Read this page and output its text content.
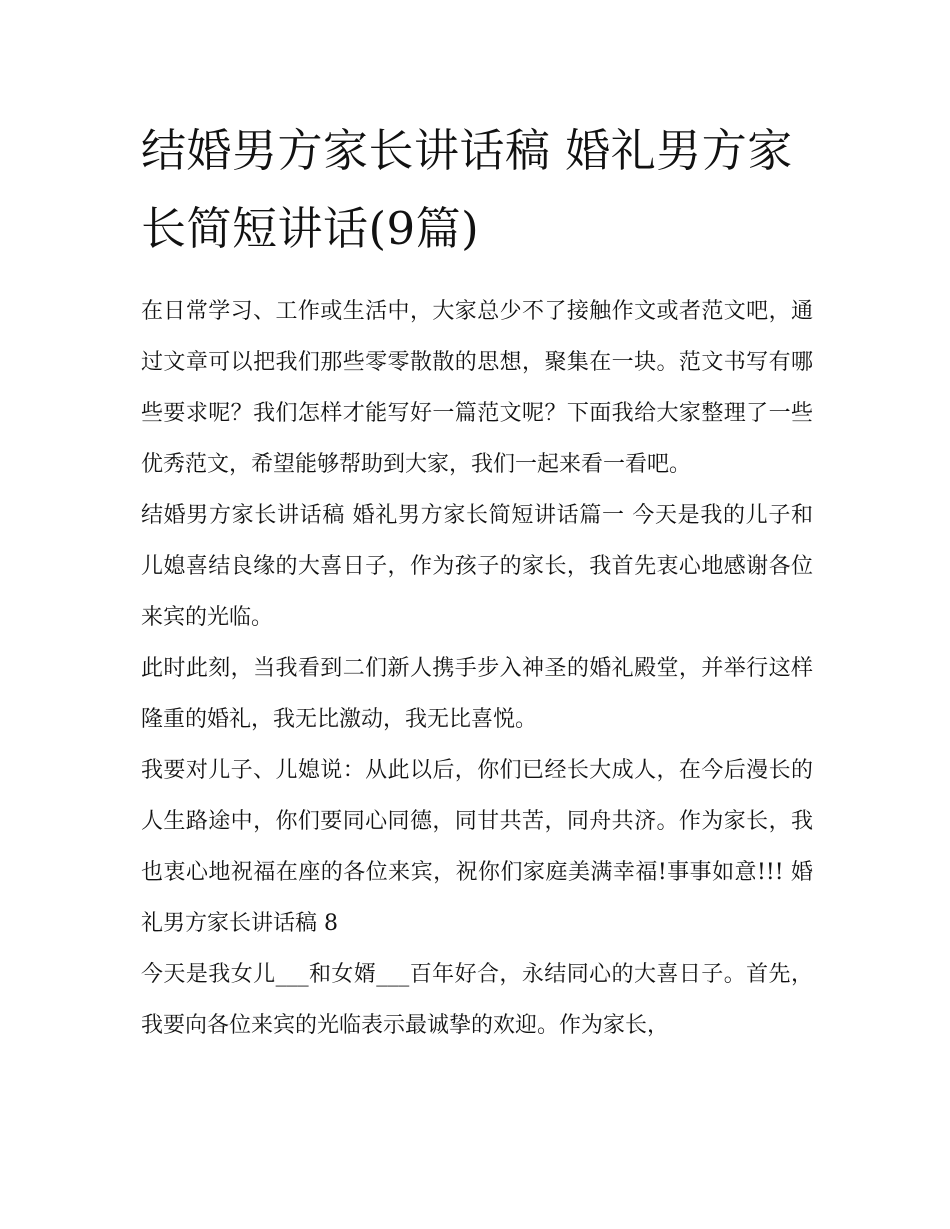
结婚男方家长讲话稿 婚礼男方家长简短讲话(9篇)

在日常学习、工作或生活中，大家总少不了接触作文或者范文吧，通过文章可以把我们那些零零散散的思想，聚集在一块。范文书写有哪些要求呢？我们怎样才能写好一篇范文呢？下面我给大家整理了一些优秀范文，希望能够帮助到大家，我们一起来看一看吧。

结婚男方家长讲话稿 婚礼男方家长简短讲话篇一 今天是我的儿子和儿媳喜结良缘的大喜日子，作为孩子的家长，我首先衷心地感谢各位来宾的光临。

此时此刻，当我看到二们新人携手步入神圣的婚礼殿堂，并举行这样隆重的婚礼，我无比激动，我无比喜悦。

我要对儿子、儿媳说：从此以后，你们已经长大成人，在今后漫长的人生路途中，你们要同心同德，同甘共苦，同舟共济。作为家长，我也衷心地祝福在座的各位来宾，祝你们家庭美满幸福!事事如意!!! 婚礼男方家长讲话稿 8

今天是我女儿___和女婿___百年好合，永结同心的大喜日子。首先，我要向各位来宾的光临表示最诚挚的欢迎。作为家长，
